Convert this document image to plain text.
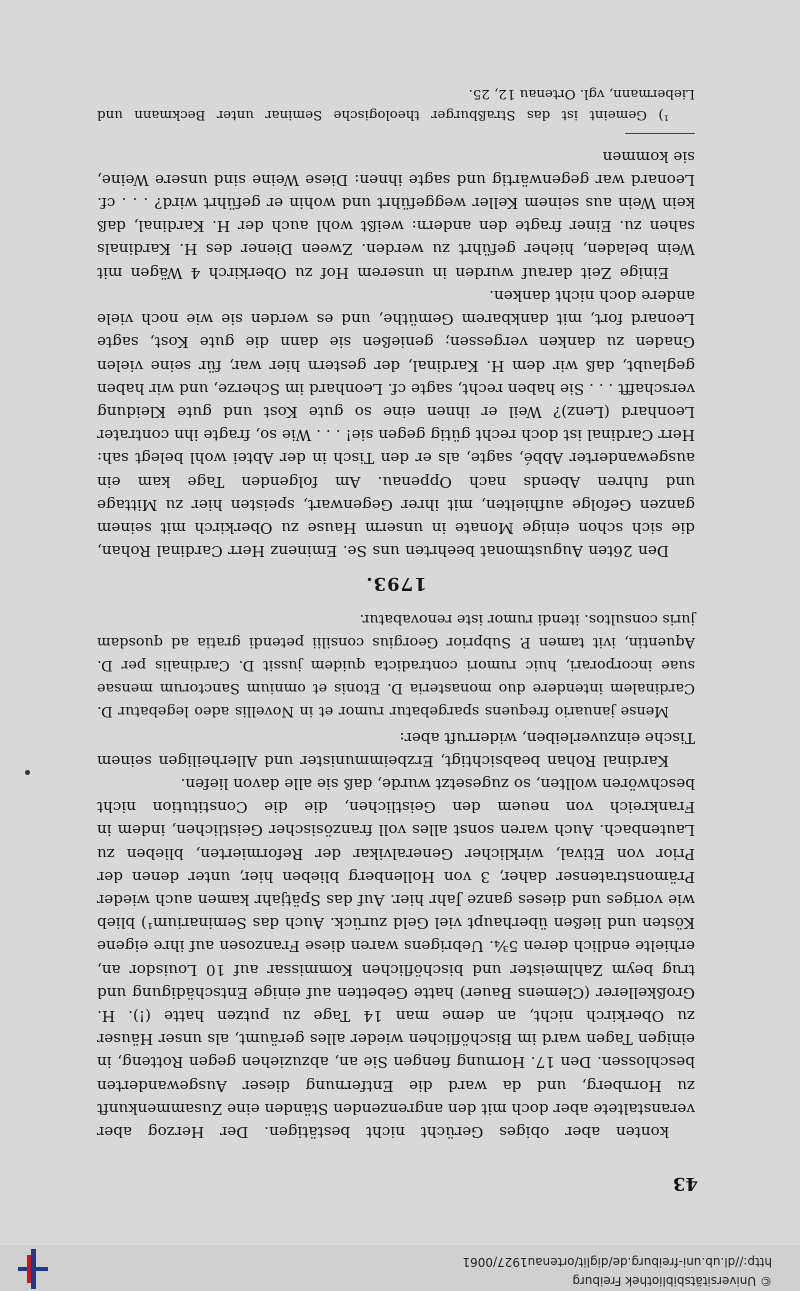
© Universitätsbibliothek Freiburg
http://dl.ub.uni-freiburg.de/diglit/ortenau1927/0061
43

konten aber obiges Gerücht nicht bestätigen. Der Herzog aber veranstaltete aber doch mit den angrenzenden Ständen eine Zusammenkunft zu Hornberg, und da ward die Entfernung dieser Ausgewanderten beschlossen. Den 17. Hornung fiengen Sie an, abzuziehen gegen Rotteng, in einigen Tagen ward im Bischöflichen wieder alles geräumt, als unser Häuser zu Oberkirch nicht, an deme man 14 Tage zu putzen hatte (!). H. Großkellerer (Clemens Bauer) hatte Gebetten auf einige Entschädigung und trug beym Zahlmeister und bischöflichen Kommissar auf 10 Louisdor an, erhielte endlich deren 5¾. Uebrigens waren diese Franzosen auf ihre eigene Kösten und ließen überhaupt viel Geld zurück. Auch das Seminarium¹) blieb wie voriges und dieses ganze Jahr hier. Auf das Spätjahr kamen auch wieder Prämonstratenser daher, 3 von Hollenberg blieben hier, unter denen der Prior von Etival, wirklicher Generalvikar der Reformierten, blieben zu Lautenbach. Auch waren sonst alles voll französischer Geistlichen, indem in Frankreich von neuem den Geistlichen, die die Constitution nicht beschwören wollten, so zugesetzt wurde, daß sie alle davon liefen.

Kardinal Rohan beabsichtigt, Erzbeimmunister und Allerheiligen seinem Tische einzuverleiben, widerruft aber:

Mense januario frequens spargebatur rumor et in Novellis adeo legebatur D. Cardinalem intendere duo monasteria D. Etonis et omnium Sanctorum mensae suae incorporari, huic rumori contradicta quidem jussit D. Cardinalis per D. Aquentin, ivit tamen P. Subprior Georgius consilii petendi gratia ad quosdam juris consultos. itendi rumor iste renovabatur.

1793.

Den 26ten Augustmonat beehrten uns Se. Eminenz Herr Cardinal Rohan, die sich schon einige Monate in unserm Hause zu Oberkirch mit seinem ganzen Gefolge aufhielten, mit ihrer Gegenwart, speisten hier zu Mittage und fuhren Abends nach Oppenau. Am folgenden Tage kam ein ausgewanderter Abbé, sagte, als er den Tisch in der Abtei wohl belegt sah: Herr Cardinal ist doch recht gütig gegen sie! . . . Wie so, fragte ihn contrater Leonhard (Lenz)? Weil er ihnen eine so gute Kost und gute Kleidung verschafft . . . Sie haben recht, sagte cf. Leonhard im Scherze, und wir haben geglaubt, daß wir dem H. Kardinal, der gestern hier war, für seine vielen Gnaden zu danken vergessen; genießen sie dann die gute Kost, sagte Leonard fort, mit dankbarem Gemüthe, und es werden sie wie noch viele andere doch nicht danken.

Einige Zeit darauf wurden in unserem Hof zu Oberkirch 4 Wägen mit Wein beladen, hieher geführt zu werden. Zween Diener des H. Kardinals sahen zu. Einer fragte den andern: weißt wohl auch der H. Kardinal, daß kein Wein aus seinem Keller weggeführt und wohin er geführt wird? . . . cf. Leonard war gegenwärtig und sagte ihnen: Diese Weine sind unsere Weine, sie kommen

¹) Gemeint ist das Straßburger theologische Seminar unter Beckmann und Liebermann, vgl. Ortenau 12, 25.
